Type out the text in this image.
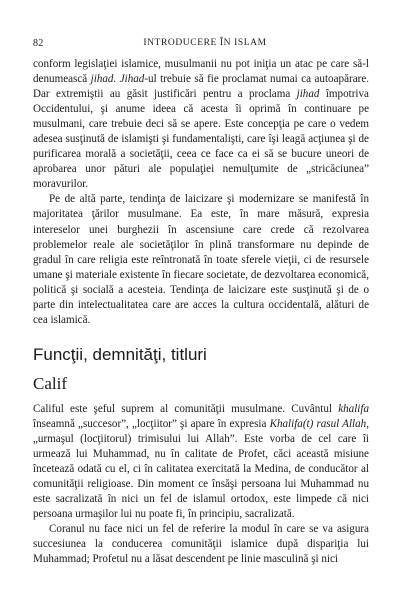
82	INTRODUCERE ÎN ISLAM

conform legislaţiei islamice, musulmanii nu pot iniţia un atac pe care să-l denumească jihad. Jihad-ul trebuie să fie proclamat numai ca autoapărare. Dar extremiştii au găsit justificări pentru a proclama jihad împotriva Occidentului, şi anume ideea că acesta îi oprimă în continuare pe musulmani, care trebuie deci să se apere. Este concepţia pe care o vedem adesea susţinută de islamişti şi fundamentalişti, care îşi leagă acţiunea şi de purificarea morală a societăţii, ceea ce face ca ei să se bucure uneori de aprobarea unor pături ale populaţiei nemulţumite de „stricăciunea” moravurilor.

Pe de altă parte, tendinţa de laicizare şi modernizare se manifestă în majoritatea ţărilor musulmane. Ea este, în mare măsură, expresia intereselor unei burghezii în ascensiune care crede că rezolvarea problemelor reale ale societăţilor în plină transformare nu depinde de gradul în care religia este reîntronată în toate sferele vieţii, ci de resursele umane şi materiale existente în fiecare societate, de dezvoltarea economică, politică şi socială a acesteia. Tendinţa de laicizare este susţinută şi de o parte din intelectualitatea care are acces la cultura occidentală, alături de cea islamică.

Funcţii, demnităţi, titluri
Calif

Califul este şeful suprem al comunităţii musulmane. Cuvântul khalifa înseamnă „succesor”, „locţiitor” şi apare în expresia Khalifa(t) rasul Allah, „urmaşul (locţiitorul) trimisului lui Allah”. Este vorba de cel care îi urmează lui Muhammad, nu în calitate de Profet, căci această misiune încetează odată cu el, ci în calitatea exercitată la Medina, de conducător al comunităţii religioase. Din moment ce însăşi persoana lui Muhammad nu este sacralizată în nici un fel de islamul ortodox, este limpede că nici persoana urmaşilor lui nu poate fi, în principiu, sacralizată.

Coranul nu face nici un fel de referire la modul în care se va asigura succesiunea la conducerea comunităţii islamice după dispariţia lui Muhammad; Profetul nu a lăsat descendent pe linie masculină şi nici
